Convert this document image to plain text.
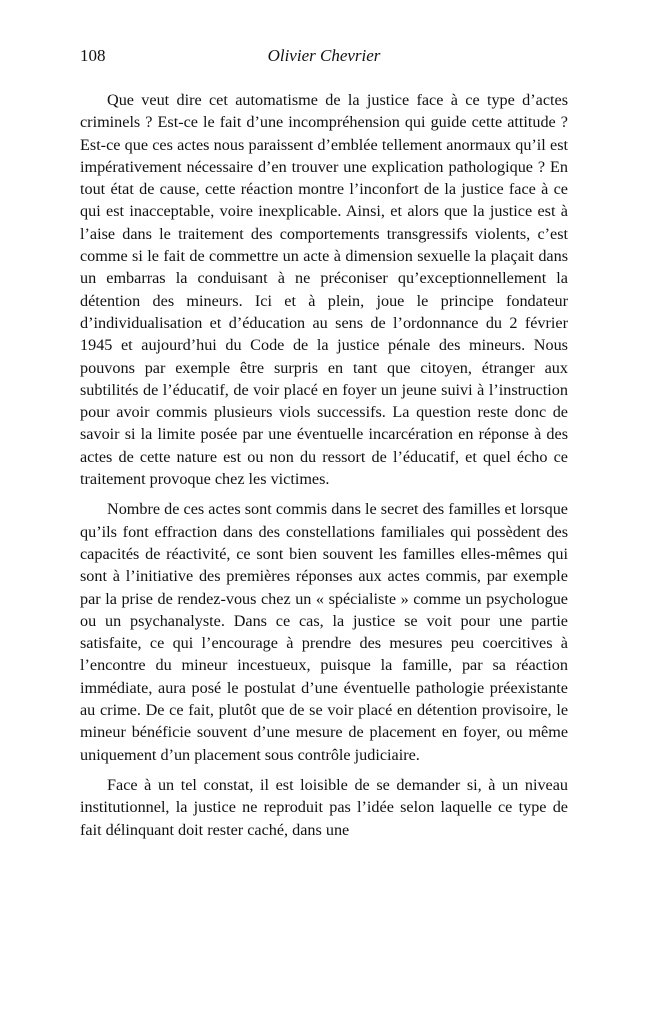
108	Olivier Chevrier

Que veut dire cet automatisme de la justice face à ce type d’actes criminels ? Est-ce le fait d’une incompréhension qui guide cette attitude ? Est-ce que ces actes nous paraissent d’emblée tellement anormaux qu’il est impérativement nécessaire d’en trouver une explication pathologique ? En tout état de cause, cette réaction montre l’inconfort de la justice face à ce qui est inacceptable, voire inexplicable. Ainsi, et alors que la justice est à l’aise dans le traitement des comportements transgressifs violents, c’est comme si le fait de commettre un acte à dimension sexuelle la plaçait dans un embarras la conduisant à ne préconiser qu’exceptionnellement la détention des mineurs. Ici et à plein, joue le principe fondateur d’individualisation et d’éducation au sens de l’ordonnance du 2 février 1945 et aujourd’hui du Code de la justice pénale des mineurs. Nous pouvons par exemple être surpris en tant que citoyen, étranger aux subtilités de l’éducatif, de voir placé en foyer un jeune suivi à l’instruction pour avoir commis plusieurs viols successifs. La question reste donc de savoir si la limite posée par une éventuelle incarcération en réponse à des actes de cette nature est ou non du ressort de l’éducatif, et quel écho ce traitement provoque chez les victimes.

Nombre de ces actes sont commis dans le secret des familles et lorsque qu’ils font effraction dans des constellations familiales qui possèdent des capacités de réactivité, ce sont bien souvent les familles elles-mêmes qui sont à l’initiative des premières réponses aux actes commis, par exemple par la prise de rendez-vous chez un « spécialiste » comme un psychologue ou un psychanalyste. Dans ce cas, la justice se voit pour une partie satisfaite, ce qui l’encourage à prendre des mesures peu coercitives à l’encontre du mineur incestueux, puisque la famille, par sa réaction immédiate, aura posé le postulat d’une éventuelle pathologie préexistante au crime. De ce fait, plutôt que de se voir placé en détention provisoire, le mineur bénéficie souvent d’une mesure de placement en foyer, ou même uniquement d’un placement sous contrôle judiciaire.

Face à un tel constat, il est loisible de se demander si, à un niveau institutionnel, la justice ne reproduit pas l’idée selon laquelle ce type de fait délinquant doit rester caché, dans une
